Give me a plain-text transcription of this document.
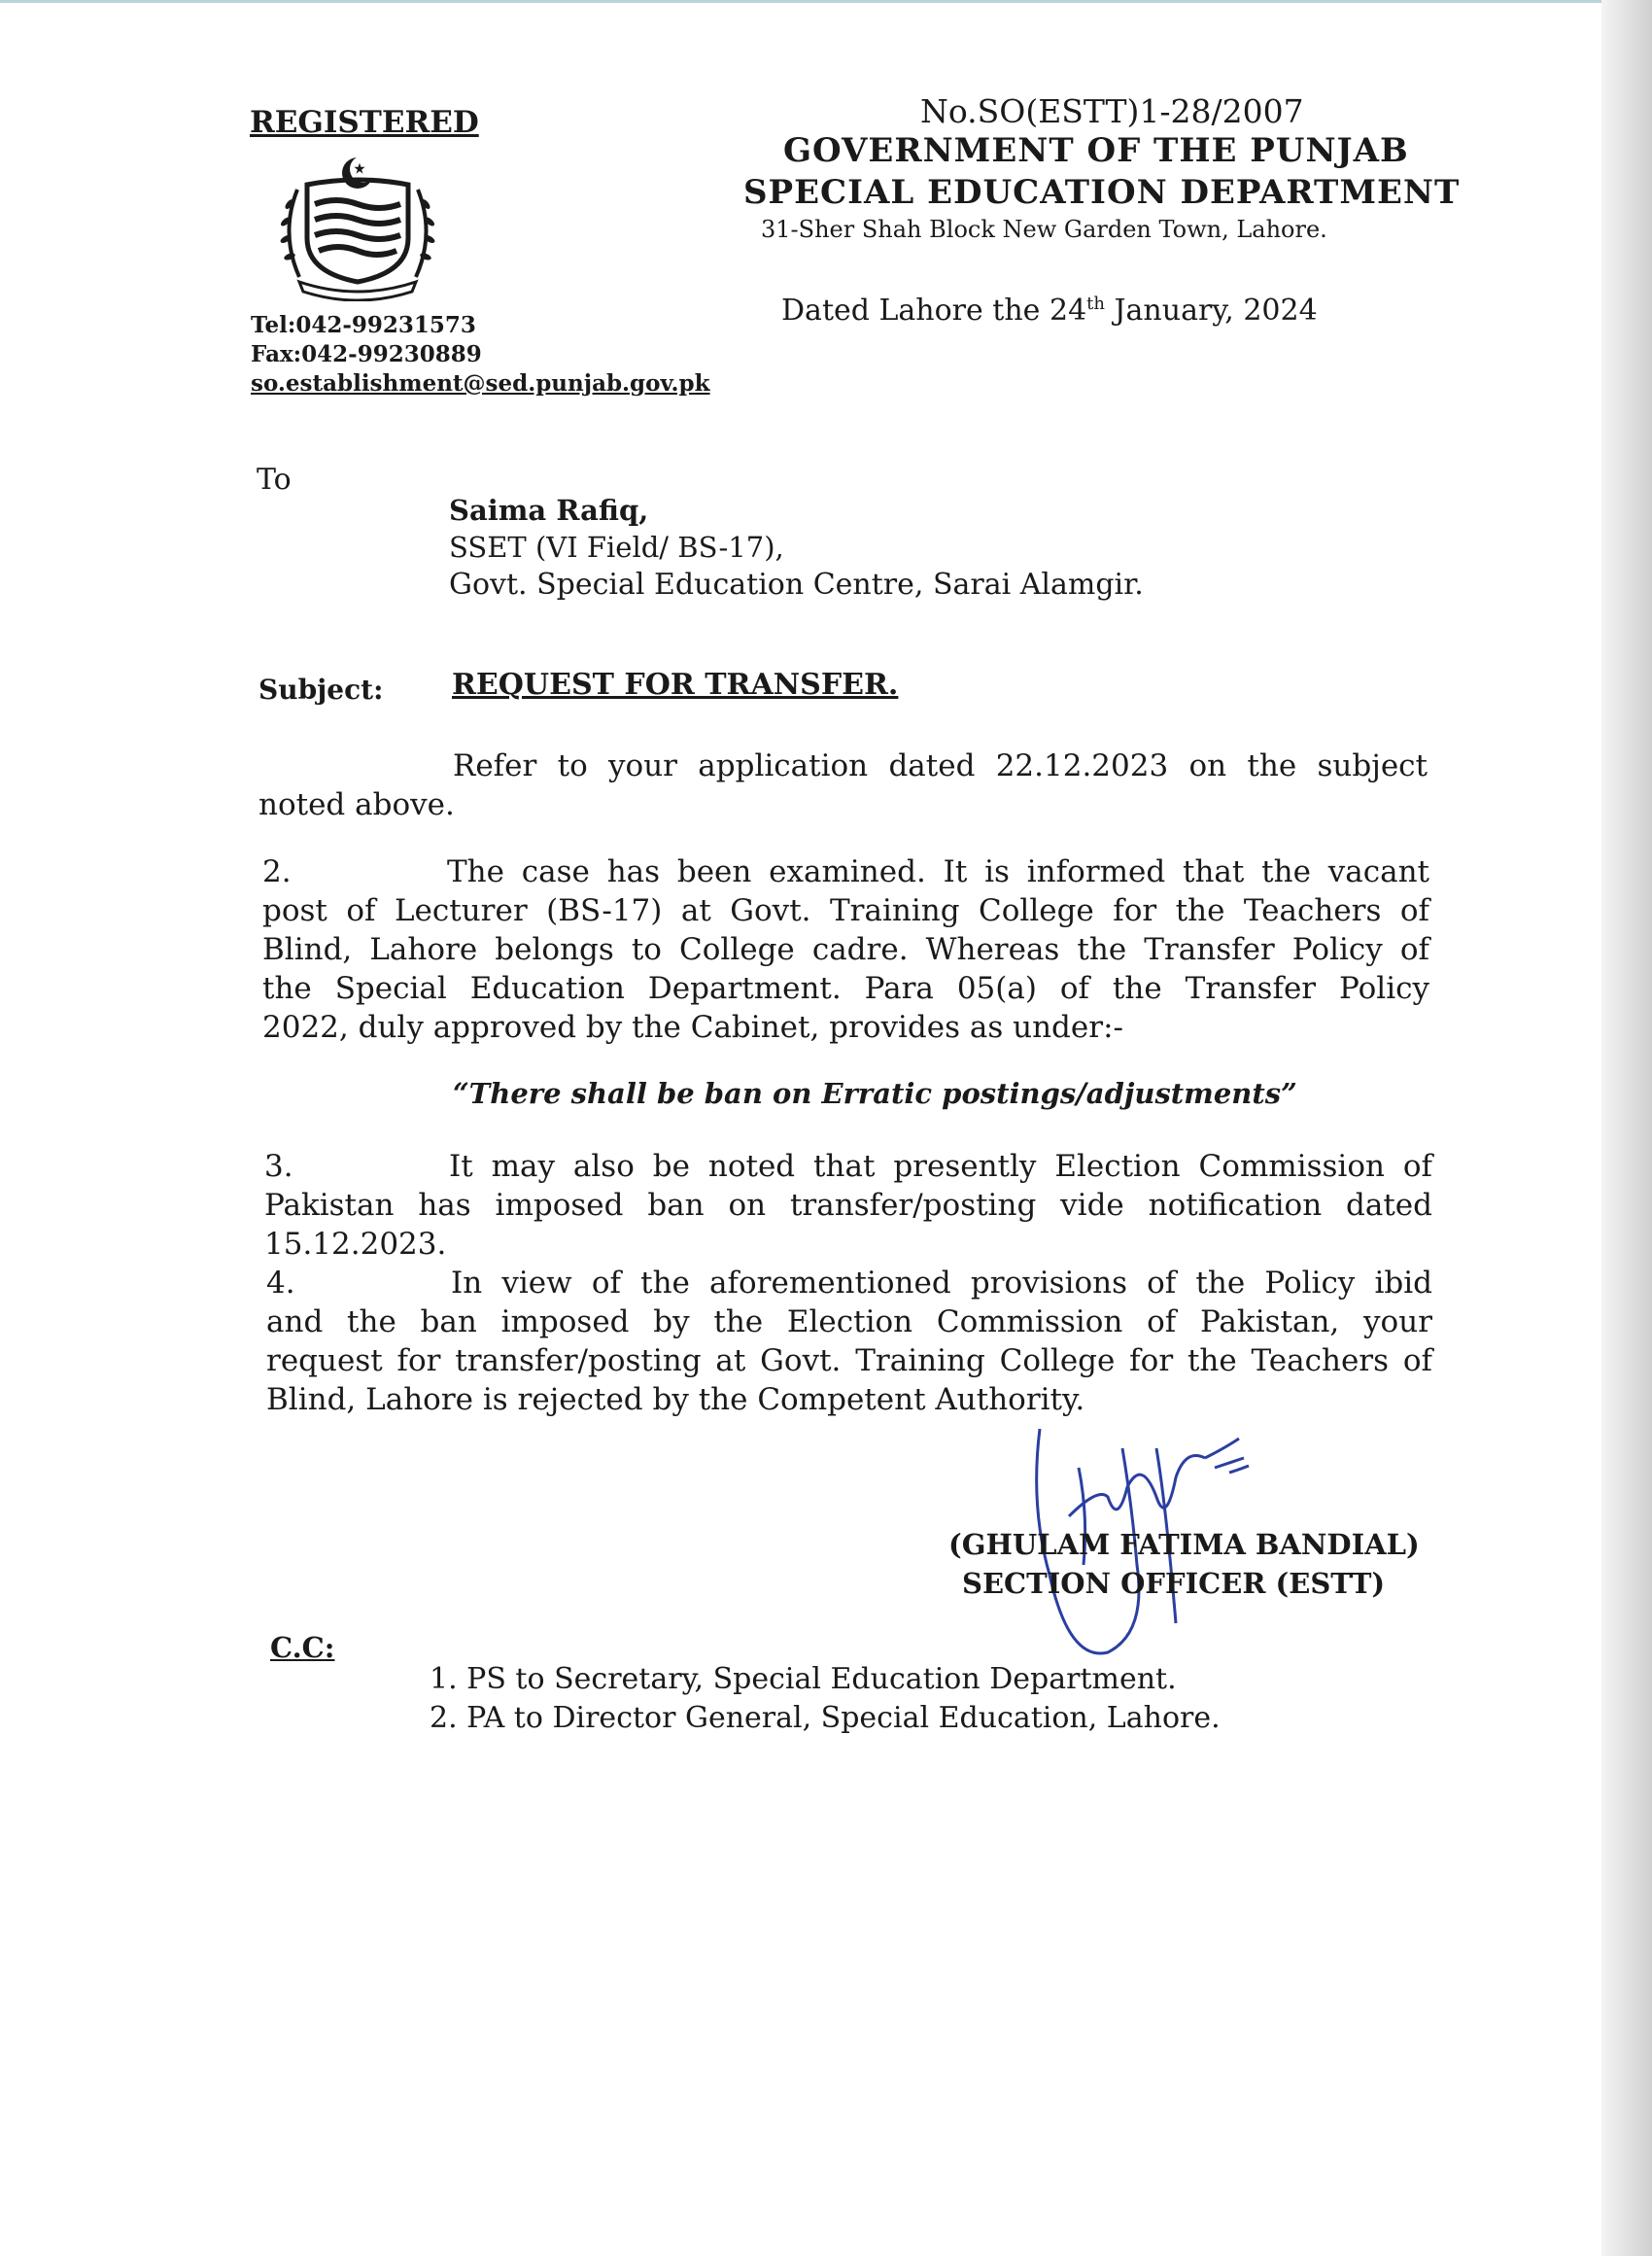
REGISTERED
Tel:042-99231573
Fax:042-99230889
so.establishment@sed.punjab.gov.pk
No.SO(ESTT)1-28/2007
GOVERNMENT OF THE PUNJAB
SPECIAL EDUCATION DEPARTMENT
31-Sher Shah Block New Garden Town, Lahore.
Dated Lahore the 24th January, 2024
To
Saima Rafiq,
SSET (VI Field/ BS-17),
Govt. Special Education Centre, Sarai Alamgir.
Subject: REQUEST FOR TRANSFER.
Refer to your application dated 22.12.2023 on the subject
noted above.
2.	The case has been examined. It is informed that the vacant
post of Lecturer (BS-17) at Govt. Training College for the Teachers of
Blind, Lahore belongs to College cadre. Whereas the Transfer Policy of
the Special Education Department. Para 05(a) of the Transfer Policy
2022, duly approved by the Cabinet, provides as under:-
“There shall be ban on Erratic postings/adjustments”
3.	It may also be noted that presently Election Commission of
Pakistan has imposed ban on transfer/posting vide notification dated
15.12.2023.
4.	In view of the aforementioned provisions of the Policy ibid
and the ban imposed by the Election Commission of Pakistan, your
request for transfer/posting at Govt. Training College for the Teachers of
Blind, Lahore is rejected by the Competent Authority.
(GHULAM FATIMA BANDIAL)
SECTION OFFICER (ESTT)
C.C:
1. PS to Secretary, Special Education Department.
2. PA to Director General, Special Education, Lahore.
